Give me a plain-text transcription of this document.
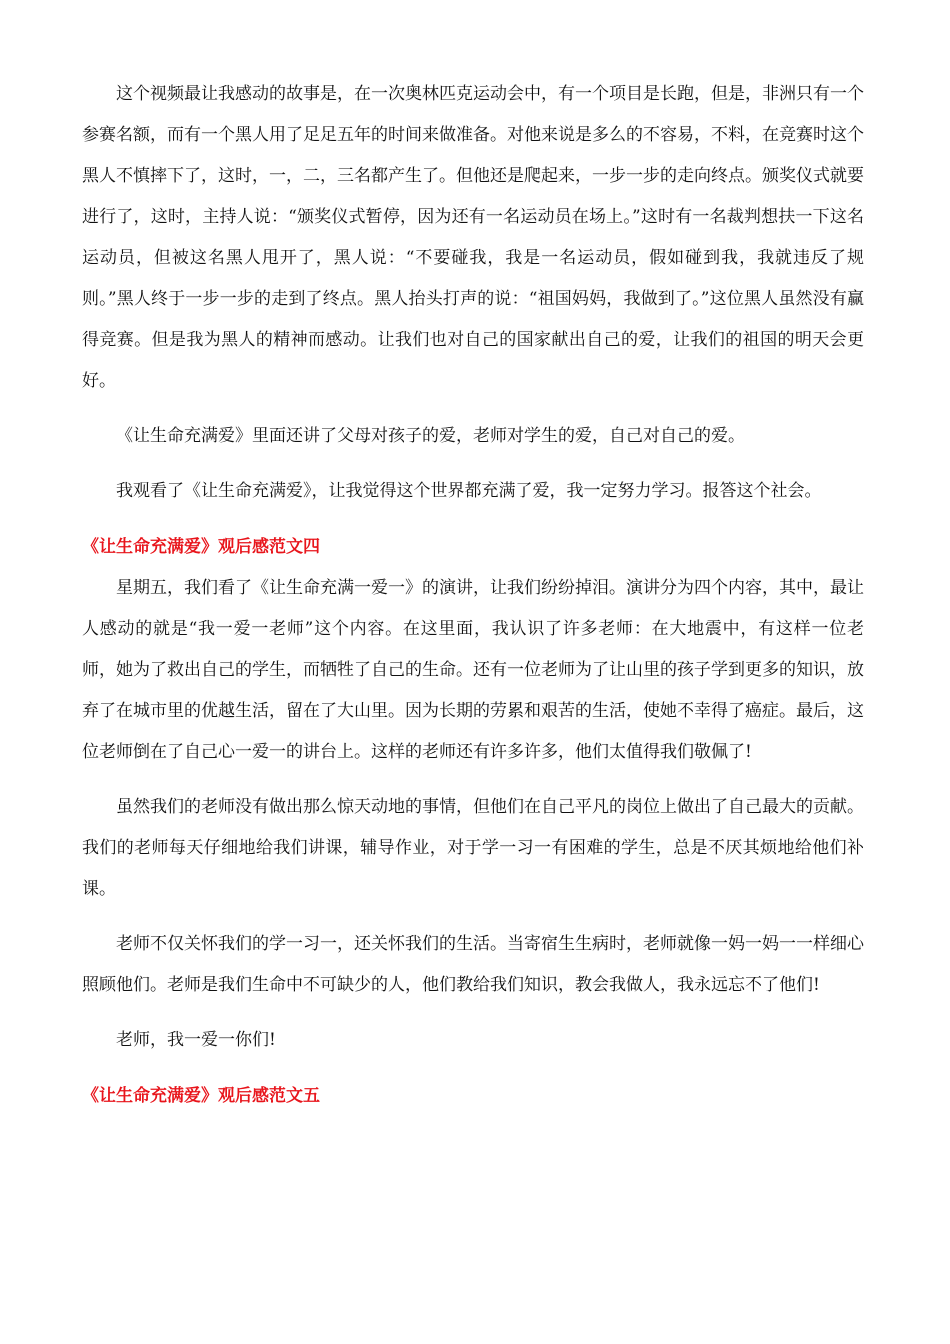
这个视频最让我感动的故事是，在一次奥林匹克运动会中，有一个项目是长跑，但是，非洲只有一个参赛名额，而有一个黑人用了足足五年的时间来做准备。对他来说是多么的不容易，不料，在竞赛时这个黑人不慎摔下了，这时，一，二，三名都产生了。但他还是爬起来，一步一步的走向终点。颁奖仪式就要进行了，这时，主持人说：“颁奖仪式暂停，因为还有一名运动员在场上。”这时有一名裁判想扶一下这名运动员，但被这名黑人甩开了，黑人说：“不要碰我，我是一名运动员，假如碰到我，我就违反了规则。”黑人终于一步一步的走到了终点。黑人抬头打声的说：“祖国妈妈，我做到了。”这位黑人虽然没有赢得竞赛。但是我为黑人的精神而感动。让我们也对自己的国家献出自己的爱，让我们的祖国的明天会更好。

《让生命充满爱》里面还讲了父母对孩子的爱，老师对学生的爱，自己对自己的爱。

我观看了《让生命充满爱》，让我觉得这个世界都充满了爱，我一定努力学习。报答这个社会。

《让生命充满爱》观后感范文四

星期五，我们看了《让生命充满一爱一》的演讲，让我们纷纷掉泪。演讲分为四个内容，其中，最让人感动的就是“我一爱一老师”这个内容。在这里面，我认识了许多老师：在大地震中，有这样一位老师，她为了救出自己的学生，而牺牲了自己的生命。还有一位老师为了让山里的孩子学到更多的知识，放弃了在城市里的优越生活，留在了大山里。因为长期的劳累和艰苦的生活，使她不幸得了癌症。最后，这位老师倒在了自己心一爱一的讲台上。这样的老师还有许多许多，他们太值得我们敬佩了!

虽然我们的老师没有做出那么惊天动地的事情，但他们在自己平凡的岗位上做出了自己最大的贡献。我们的老师每天仔细地给我们讲课，辅导作业，对于学一习一有困难的学生，总是不厌其烦地给他们补课。

老师不仅关怀我们的学一习一，还关怀我们的生活。当寄宿生生病时，老师就像一妈一妈一一样细心照顾他们。老师是我们生命中不可缺少的人，他们教给我们知识，教会我做人，我永远忘不了他们!

老师，我一爱一你们!

《让生命充满爱》观后感范文五
